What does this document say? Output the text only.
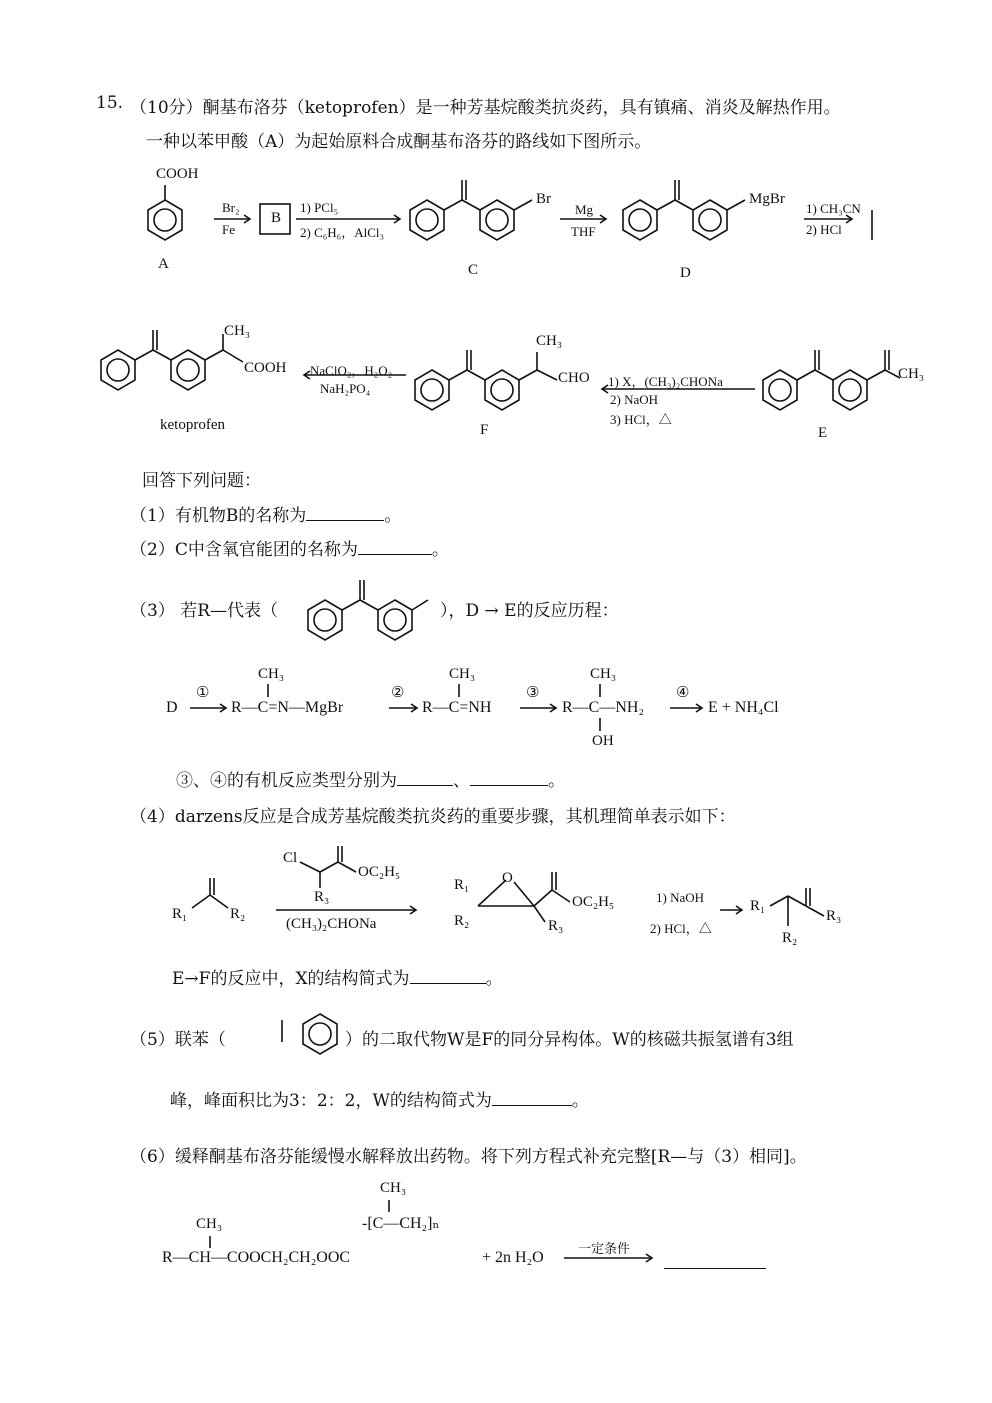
15. （10分）酮基布洛芬（ketoprofen）是一种芳基烷酸类抗炎药，具有镇痛、消炎及解热作用。
一种以苯甲酸（A）为起始原料合成酮基布洛芬的路线如下图所示。
COOH
A
Br₂
Fe
B
1) PCl₅
2) C₆H₆，AlCl₃
Br
C
Mg
THF
MgBr
D
1) CH₃CN
2) HCl
CH₃
E
1) X，(CH₃)₂CHONa
2) NaOH
3) HCl，△
CH₃
CHO
F
NaClO₂，H₂O₂
NaH₂PO₄
CH₃
COOH
ketoprofen
回答下列问题：
（1）有机物B的名称为	。
（2）C中含氧官能团的名称为	。
（3） 若R—代表（	），D → E的反应历程：
D
①
R—C=N—MgBr
CH₃
②
R—C=NH
CH₃
③
R—C—NH₂
CH₃
OH
④
E + NH₄Cl
③、④的有机反应类型分别为	、	。
（4）darzens反应是合成芳基烷酸类抗炎药的重要步骤，其机理简单表示如下：
R₁	R₂
Cl
OC₂H₅
R₃
(CH₃)₂CHONa
R₁
R₂	R₃
O
OC₂H₅	1) NaOH
2) HCl，△
R₁
R₂
R₃
E→F的反应中，X的结构简式为	。
（5）联苯（	）的二取代物W是F的同分异构体。W的核磁共振氢谱有3组
峰，峰面积比为3：2：2，W的结构简式为	。
（6）缓释酮基布洛芬能缓慢水解释放出药物。将下列方程式补充完整[R—与（3）相同]。
CH₃
R—CH—COOCH₂CH₂OOC
CH₃
‑[C—CH₂]ₙ
+ 2n H₂O
一定条件
